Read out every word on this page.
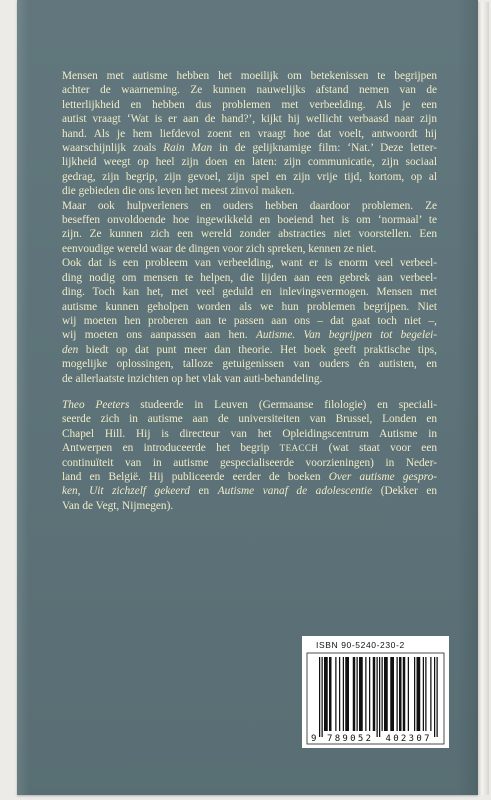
Mensen met autisme hebben het moeilijk om betekenissen te begrijpen
achter de waarneming. Ze kunnen nauwelijks afstand nemen van de
letterlijkheid en hebben dus problemen met verbeelding. Als je een
autist vraagt ‘Wat is er aan de hand?’, kijkt hij wellicht verbaasd naar zijn
hand. Als je hem liefdevol zoent en vraagt hoe dat voelt, antwoordt hij
waarschijnlijk zoals Rain Man in de gelijknamige film: ‘Nat.’ Deze letter-
lijkheid weegt op heel zijn doen en laten: zijn communicatie, zijn sociaal
gedrag, zijn begrip, zijn gevoel, zijn spel en zijn vrije tijd, kortom, op al
die gebieden die ons leven het meest zinvol maken.
Maar ook hulpverleners en ouders hebben daardoor problemen. Ze
beseffen onvoldoende hoe ingewikkeld en boeiend het is om ‘normaal’ te
zijn. Ze kunnen zich een wereld zonder abstracties niet voorstellen. Een
eenvoudige wereld waar de dingen voor zich spreken, kennen ze niet.
Ook dat is een probleem van verbeelding, want er is enorm veel verbeel-
ding nodig om mensen te helpen, die lijden aan een gebrek aan verbeel-
ding. Toch kan het, met veel geduld en inlevingsvermogen. Mensen met
autisme kunnen geholpen worden als we hun problemen begrijpen. Niet
wij moeten hen proberen aan te passen aan ons – dat gaat toch niet –,
wij moeten ons aanpassen aan hen. Autisme. Van begrijpen tot begelei-
den biedt op dat punt meer dan theorie. Het boek geeft praktische tips,
mogelijke oplossingen, talloze getuigenissen van ouders én autisten, en
de allerlaatste inzichten op het vlak van auti-behandeling.
Theo Peeters studeerde in Leuven (Germaanse filologie) en speciali-
seerde zich in autisme aan de universiteiten van Brussel, Londen en
Chapel Hill. Hij is directeur van het Opleidingscentrum Autisme in
Antwerpen en introduceerde het begrip TEACCH (wat staat voor een
continuïteit van in autisme gespecialiseerde voorzieningen) in Neder-
land en België. Hij publiceerde eerder de boeken Over autisme gespro-
ken, Uit zichzelf gekeerd en Autisme vanaf de adolescentie (Dekker en
Van de Vegt, Nijmegen).
ISBN 90-5240-230-2
9 789052 402307
